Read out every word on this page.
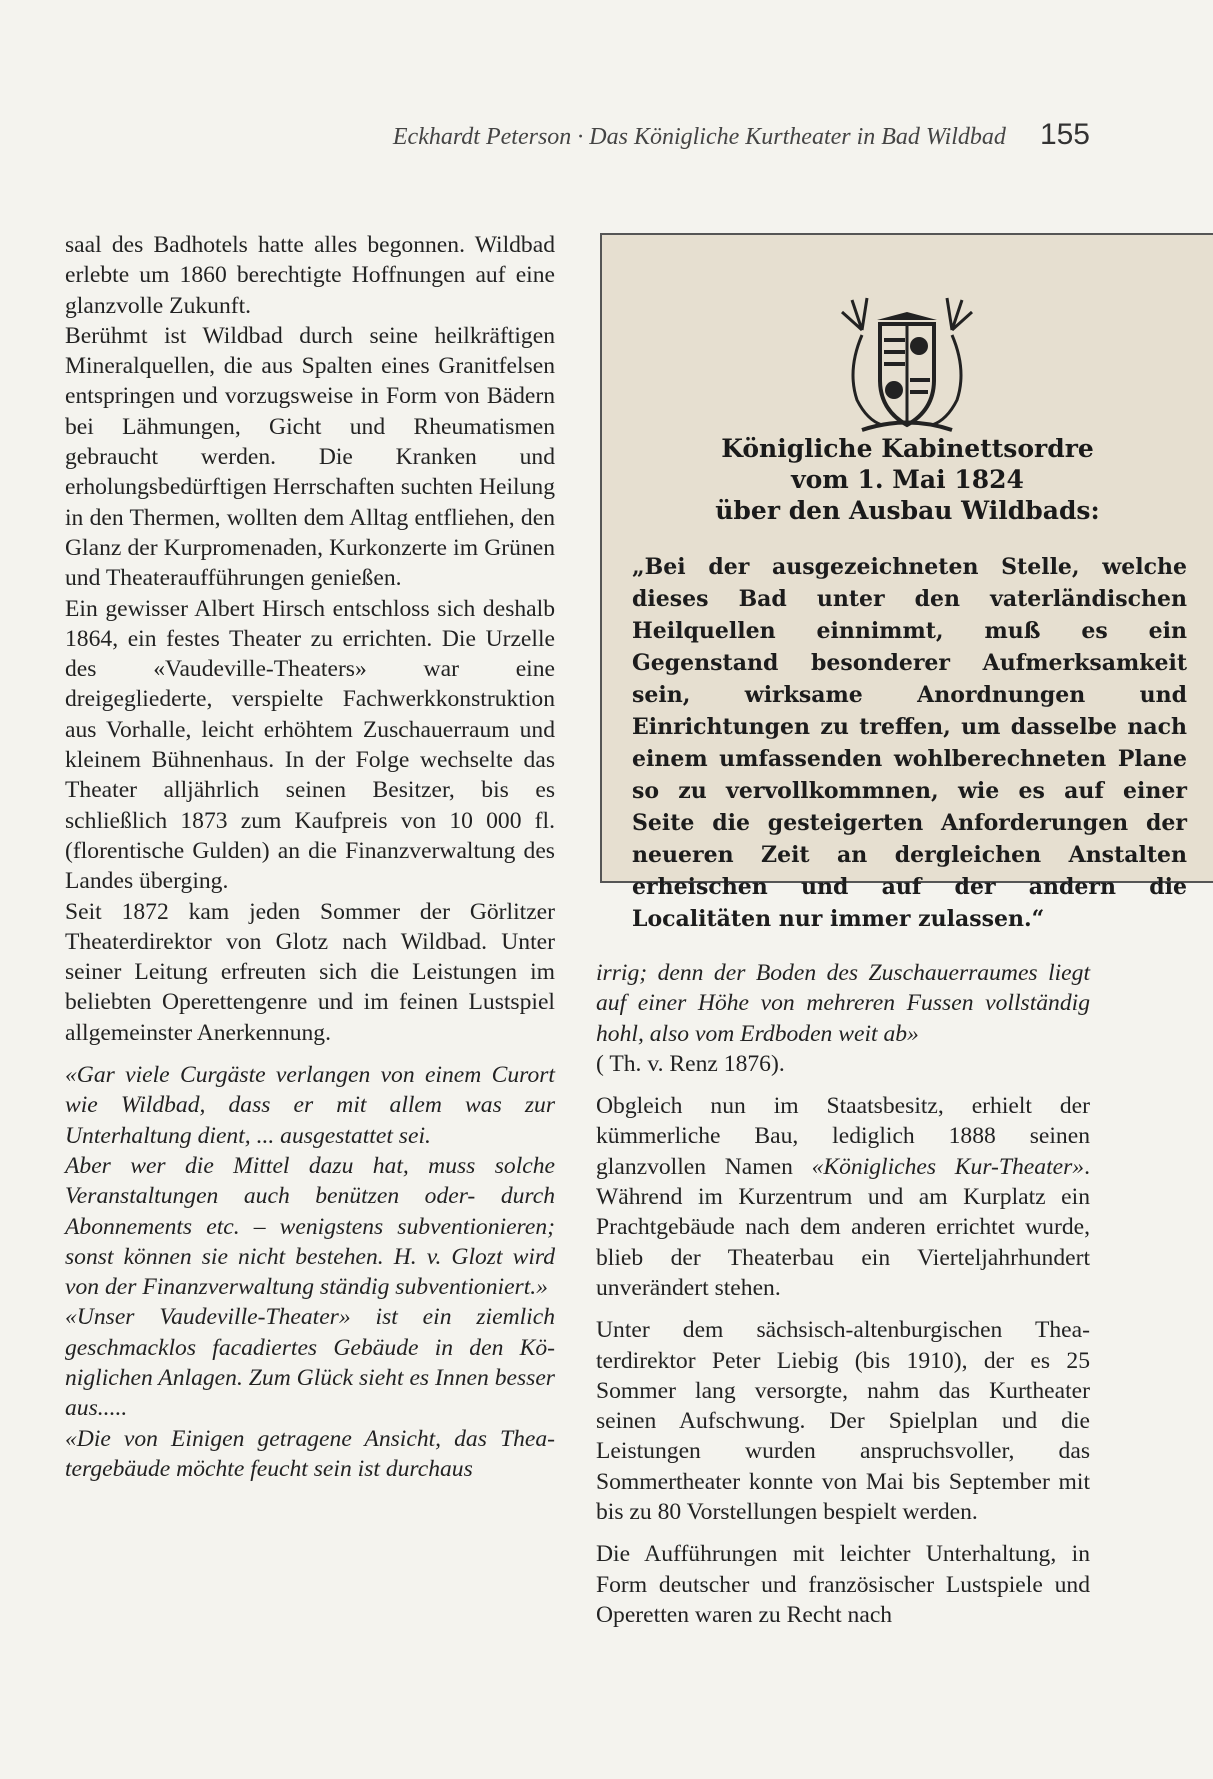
Eckhardt Peterson · Das Königliche Kurtheater in Bad Wildbad 155

saal des Badhotels hatte alles begonnen. Wildbad erlebte um 1860 berechtigte Hoffnungen auf eine glanzvolle Zukunft.

Berühmt ist Wildbad durch seine heilkräftigen Mineralquellen, die aus Spalten eines Granitfelsen entspringen und vorzugsweise in Form von Bädern bei Lähmungen, Gicht und Rheumatismen gebraucht werden. Die Kranken und erholungsbedürftigen Herrschaften suchten Heilung in den Thermen, wollten dem Alltag entfliehen, den Glanz der Kurpromenaden, Kurkonzerte im Grünen und Theateraufführungen genießen.

Ein gewisser Albert Hirsch entschloss sich deshalb 1864, ein festes Theater zu errichten. Die Urzelle des «Vaudeville-Theaters» war eine dreigegliederte, verspielte Fachwerkkonstruktion aus Vorhalle, leicht erhöhtem Zuschauerraum und kleinem Bühnenhaus. In der Folge wechselte das Theater alljährlich seinen Besitzer, bis es schließlich 1873 zum Kaufpreis von 10 000 fl. (florentische Gulden) an die Finanzverwaltung des Landes überging.

Seit 1872 kam jeden Sommer der Görlitzer Theaterdirektor von Glotz nach Wildbad. Unter seiner Leitung erfreuten sich die Leistungen im beliebten Operettengenre und im feinen Lustspiel allgemeinster Anerkennung.

«Gar viele Curgäste verlangen von einem Curort wie Wildbad, dass er mit allem was zur Unterhaltung dient, ... ausgestattet sei.

Aber wer die Mittel dazu hat, muss solche Veranstaltungen auch benützen oder- durch Abonnements etc. – wenigstens subventionieren; sonst können sie nicht bestehen. H. v. Glozt wird von der Finanzverwaltung ständig subventioniert.»

«Unser Vaudeville-Theater» ist ein ziemlich geschmacklos facadiertes Gebäude in den Königlichen Anlagen. Zum Glück sieht es Innen besser aus.....

«Die von Einigen getragene Ansicht, das Theatergebäude möchte feucht sein ist durchaus

Königliche Kabinettsordre
vom 1. Mai 1824
über den Ausbau Wildbads:
„Bei der ausgezeichneten Stelle, welche dieses Bad unter den vaterländischen Heilquellen einnimmt, muß es ein Gegenstand besonderer Aufmerksamkeit sein, wirksame Anordnungen und Einrichtungen zu treffen, um dasselbe nach einem umfassenden wohlberechneten Plane so zu vervollkommnen, wie es auf einer Seite die gesteigerten Anforderungen der neueren Zeit an dergleichen Anstalten erheischen und auf der andern die Localitäten nur immer zulassen.“

irrig; denn der Boden des Zuschauerraumes liegt auf einer Höhe von mehreren Fussen vollständig hohl, also vom Erdboden weit ab»

( Th. v. Renz 1876).

Obgleich nun im Staatsbesitz, erhielt der kümmerliche Bau, lediglich 1888 seinen glanzvollen Namen «Königliches Kur-Theater». Während im Kurzentrum und am Kurplatz ein Prachtgebäude nach dem anderen errichtet wurde, blieb der Theaterbau ein Vierteljahrhundert unverändert stehen.

Unter dem sächsisch-altenburgischen Theaterdirektor Peter Liebig (bis 1910), der es 25 Sommer lang versorgte, nahm das Kurtheater seinen Aufschwung. Der Spielplan und die Leistungen wurden anspruchsvoller, das Sommertheater konnte von Mai bis September mit bis zu 80 Vorstellungen bespielt werden.

Die Aufführungen mit leichter Unterhaltung, in Form deutscher und französischer Lustspiele und Operetten waren zu Recht nach
